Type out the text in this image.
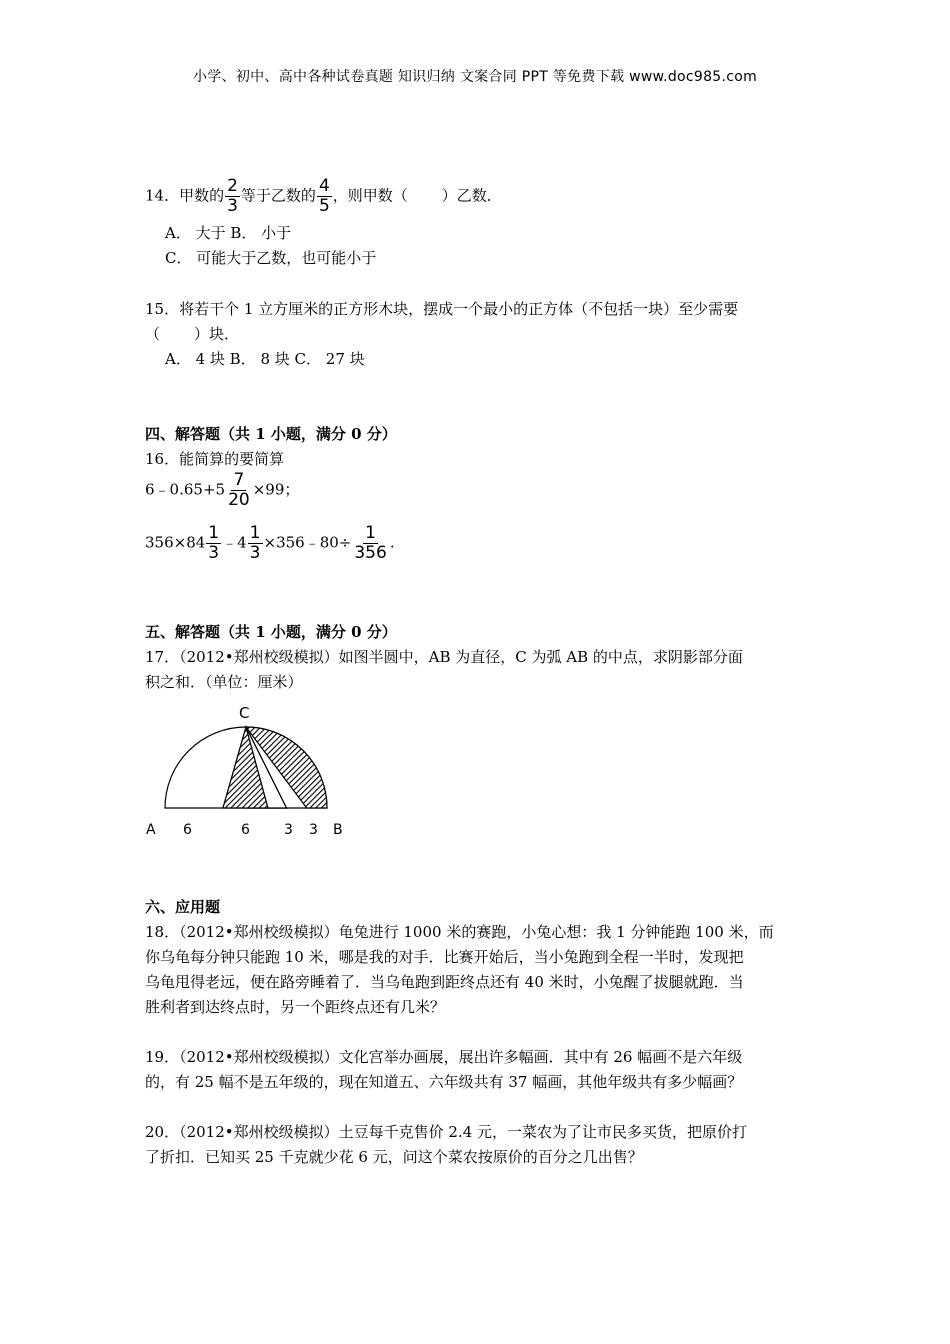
小学、初中、高中各种试卷真题 知识归纳 文案合同 PPT 等免费下载 www.doc985.com
14．甲数的 $\frac{2}{3}$ 等于乙数的 $\frac{4}{5}$ ，则甲数（ ）乙数．
A． 大于 B． 小于
C． 可能大于乙数，也可能小于
15．将若干个 1 立方厘米的正方形木块，摆成一个最小的正方体（不包括一块）至少需要
（ ）块．
A． 4 块 B． 8 块 C． 27 块
四、解答题（共 1 小题，满分 0 分）
16．能简算的要简算
6﹣0.65+5 $\frac{7}{20} \times 99$；
$356\times 84 \frac{1}{3}$ ﹣4 $\frac{1}{3}$ ×356﹣80÷ $\frac{1}{356}$ .
五、解答题（共 1 小题，满分 0 分）
17．（2012•郑州校级模拟）如图半圆中，AB 为直径，C 为弧 AB 的中点，求阴影部分面
积之和．（单位：厘米）
C
A 6	6 3 3 B
六、应用题
18．（2012•郑州校级模拟）龟兔进行 1000 米的赛跑，小兔心想：我 1 分钟能跑 100 米，而
你乌龟每分钟只能跑 10 米，哪是我的对手．比赛开始后，当小兔跑到全程一半时，发现把
乌龟甩得老远，便在路旁睡着了．当乌龟跑到距终点还有 40 米时，小兔醒了拔腿就跑．当
胜利者到达终点时，另一个距终点还有几米？
19．（2012•郑州校级模拟）文化宫举办画展，展出许多幅画．其中有 26 幅画不是六年级
的，有 25 幅不是五年级的，现在知道五、六年级共有 37 幅画，其他年级共有多少幅画？
20．（2012•郑州校级模拟）土豆每千克售价 2.4 元，一菜农为了让市民多买货，把原价打
了折扣．已知买 25 千克就少花 6 元，问这个菜农按原价的百分之几出售？
